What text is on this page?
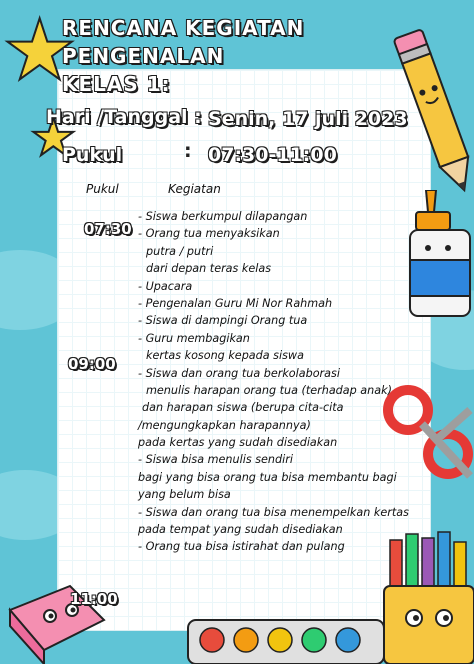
★
★
RENCANA KEGIATAN PENGENALAN
KELAS 1:
Hari /Tanggal : Senin, 17 juli 2023
Pukul	: 07:30-11:00
Pukul	Kegiatan
07:30
09:00
11:00
- Siswa berkumpul dilapangan
- Orang tua menyaksikan
putra / putri
dari depan teras kelas
- Upacara
- Pengenalan Guru Mi Nor Rahmah
- Siswa di dampingi Orang tua
- Guru membagikan
kertas kosong kepada siswa
- Siswa dan orang tua berkolaborasi
menulis harapan orang tua (terhadap anak)
dan harapan siswa (berupa cita-cita
/mengungkapkan harapannya)
pada kertas yang sudah disediakan
- Siswa bisa menulis sendiri
bagi yang bisa orang tua bisa membantu bagi
yang belum bisa
- Siswa dan orang tua bisa menempelkan kertas
pada tempat yang sudah disediakan
- Orang tua bisa istirahat dan pulang
